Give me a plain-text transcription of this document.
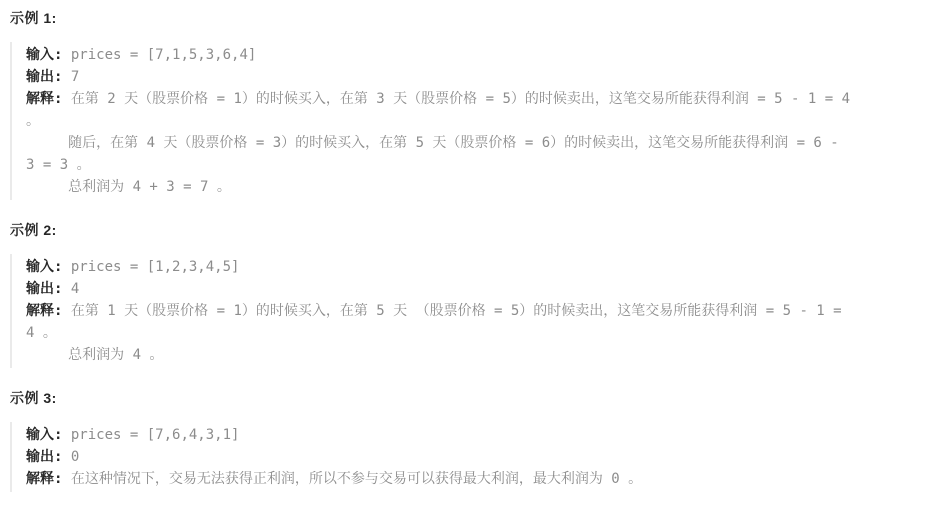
示例 1:

输入: prices = [7,1,5,3,6,4]
输出: 7
解释: 在第 2 天（股票价格 = 1）的时候买入，在第 3 天（股票价格 = 5）的时候卖出，这笔交易所能获得利润 = 5 - 1 = 4
。
随后，在第 4 天（股票价格 = 3）的时候买入，在第 5 天（股票价格 = 6）的时候卖出，这笔交易所能获得利润 = 6 -
3 = 3 。
总利润为 4 + 3 = 7 。

示例 2:

输入: prices = [1,2,3,4,5]
输出: 4
解释: 在第 1 天（股票价格 = 1）的时候买入，在第 5 天 （股票价格 = 5）的时候卖出，这笔交易所能获得利润 = 5 - 1 =
4 。
总利润为 4 。

示例 3:

输入: prices = [7,6,4,3,1]
输出: 0
解释: 在这种情况下，交易无法获得正利润，所以不参与交易可以获得最大利润，最大利润为 0 。
